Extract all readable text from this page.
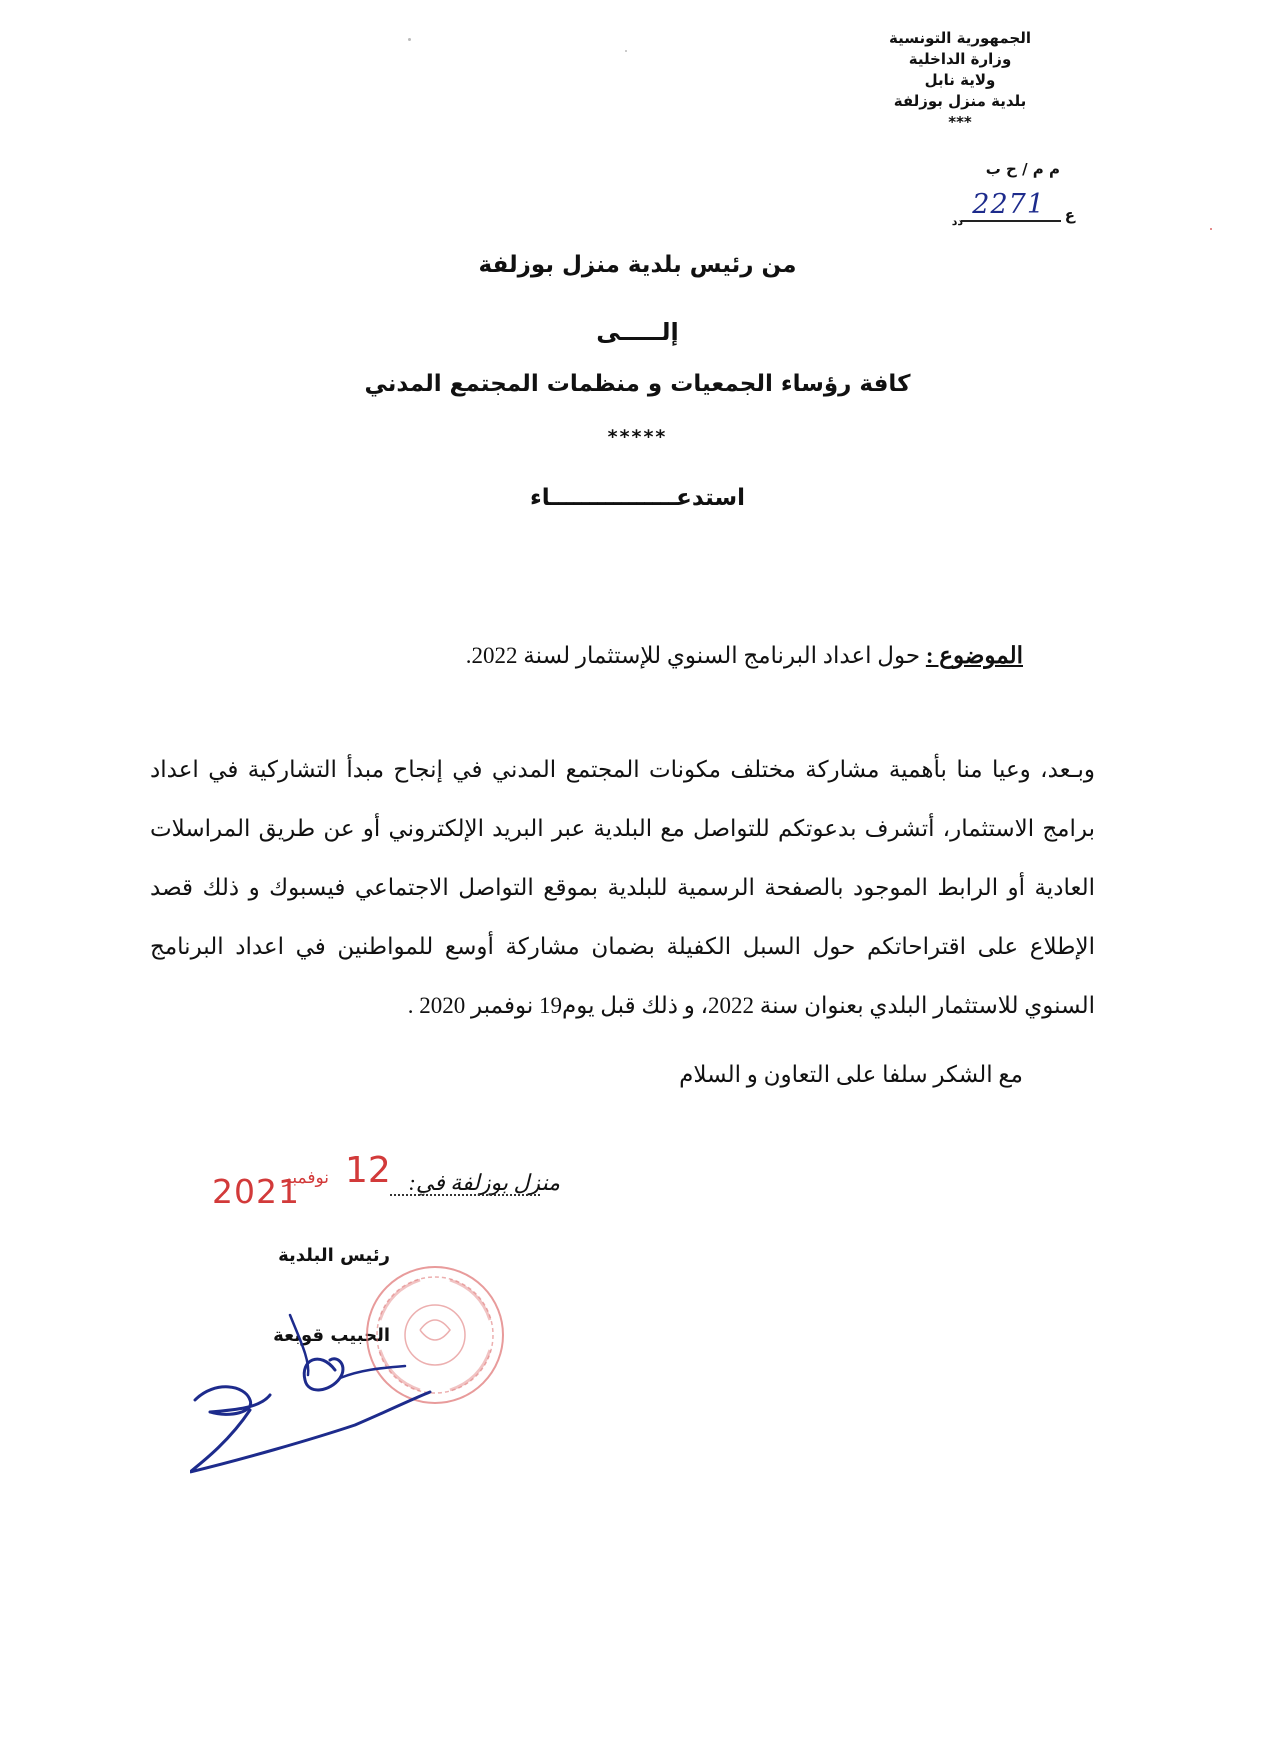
الجمهورية التونسية
وزارة الداخلية
ولاية نابل
بلدية منزل بوزلفة
***
م م / ح ب
ع
دد
2271
من رئيس بلدية منزل بوزلفة
إلـــــى
كافة رؤساء الجمعيات و منظمات المجتمع المدني
*****
استدعــــــــــــــــاء
الموضوع : حول اعداد البرنامج السنوي للإستثمار لسنة 2022.
وبـعد، وعيا منا بأهمية مشاركة مختلف مكونات المجتمع المدني في إنجاح مبدأ التشاركية في اعداد برامج الاستثمار، أتشرف بدعوتكم للتواصل مع البلدية عبر البريد الإلكتروني أو عن طريق المراسلات العادية أو الرابط الموجود بالصفحة الرسمية للبلدية بموقع التواصل الاجتماعي فيسبوك و ذلك قصد الإطلاع على اقتراحاتكم حول السبل الكفيلة بضمان مشاركة أوسع للمواطنين في اعداد البرنامج السنوي للاستثمار البلدي بعنوان سنة 2022، و ذلك قبل يوم19 نوفمبر 2020 .
مع الشكر سلفا على التعاون و السلام
منزل بوزلفة في:
12
نوفمبر
2021
رئيس البلدية
الحبيب قوبعة
